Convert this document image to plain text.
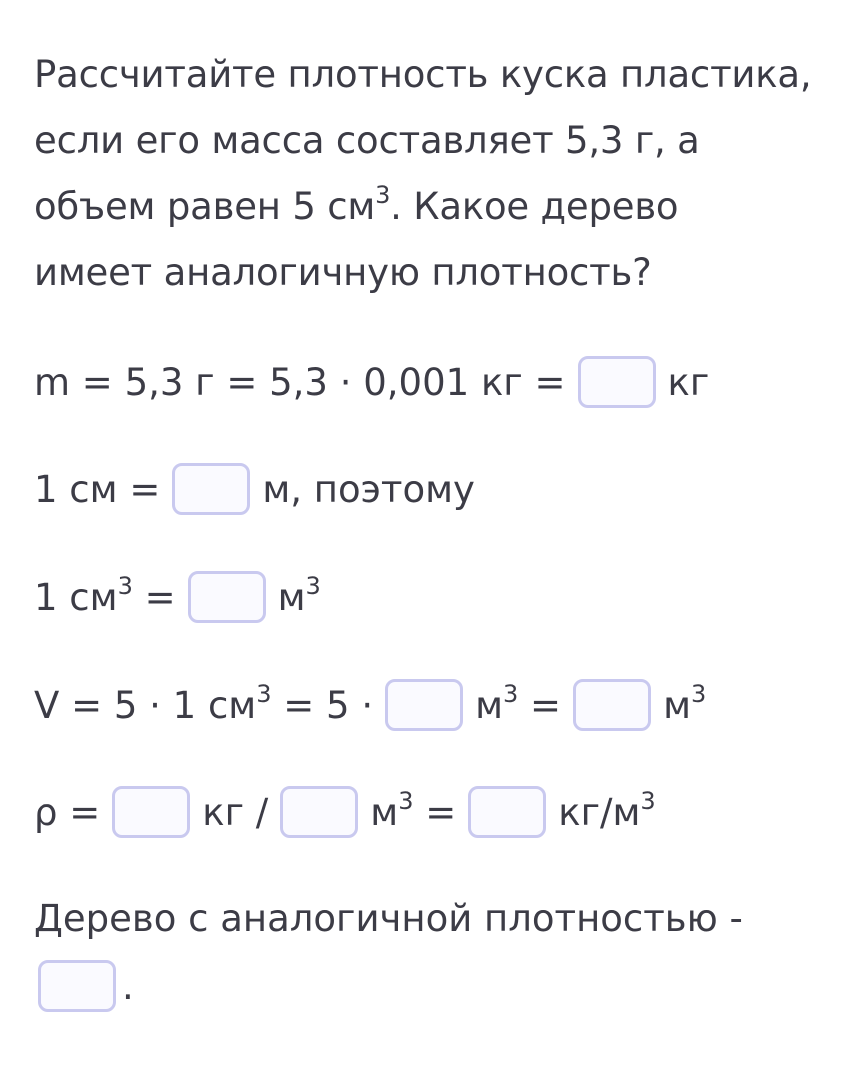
Рассчитайте плотность куска пластика,

если его масса составляет 5,3 г, а

объем равен 5 $см^3$. Какое дерево

имеет аналогичную плотность?

m = 5,3 г = 5,3 · 0,001 кг =	кг
1 см =	м, поэтому
1 $см^3$ =	$м^3$
V = 5 · 1 $см^3 = 5$ ·	$м^3$ =	$м^3$
ρ =	кг /	$м^3$ =	$кг/м^3$
Дерево с аналогичной плотностью -
.
